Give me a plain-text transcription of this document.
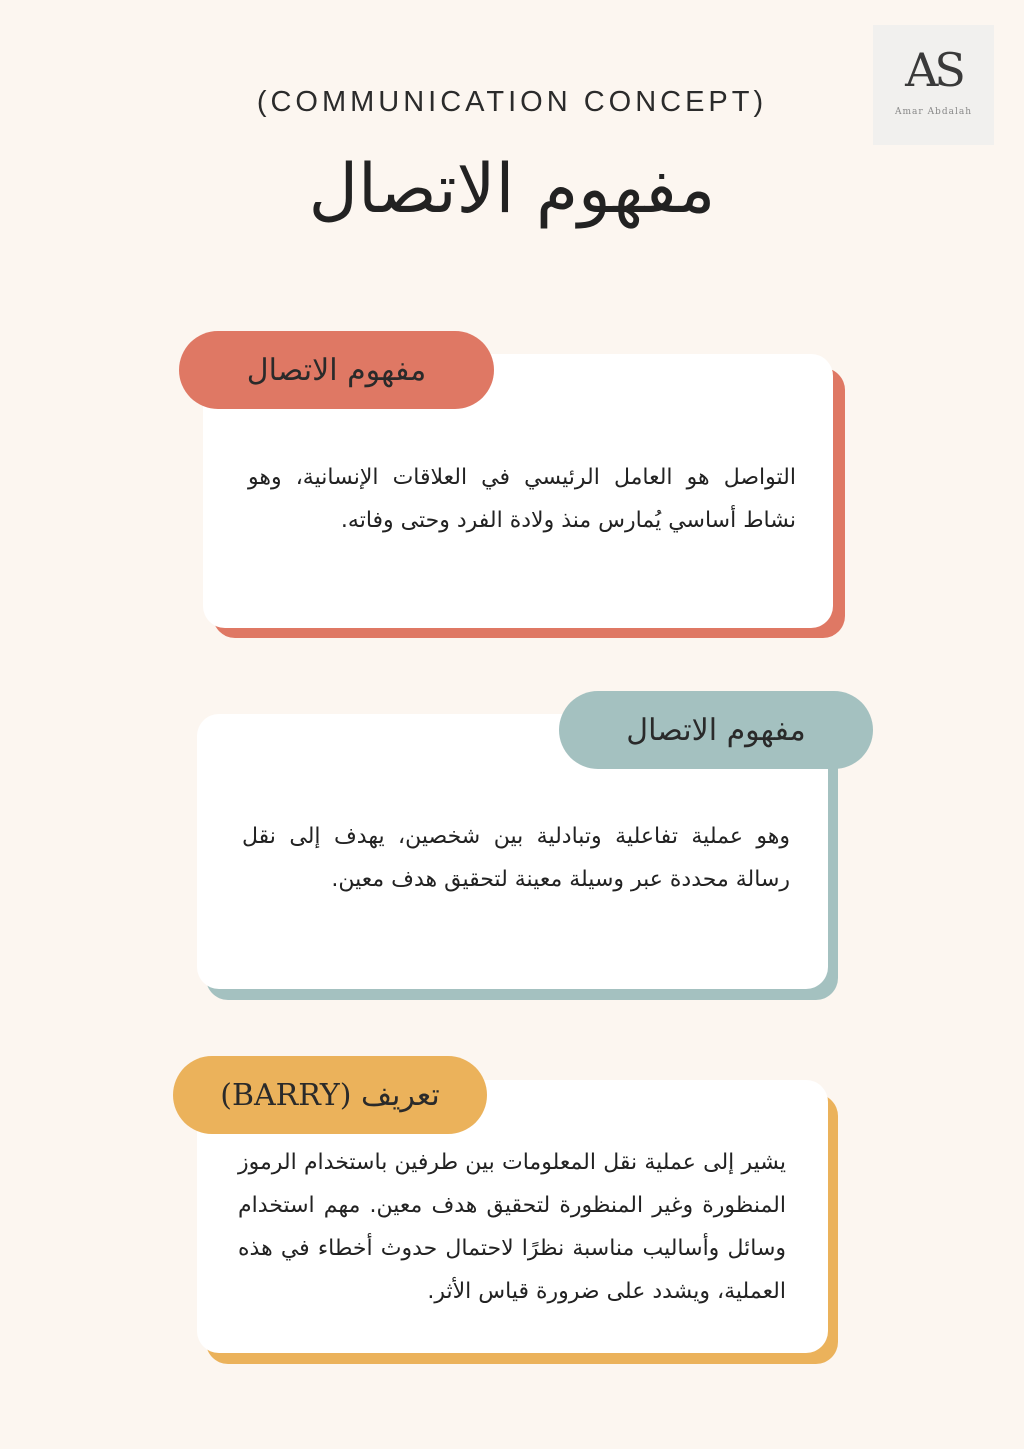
AS
Amar Abdalah
(COMMUNICATION CONCEPT)
مفهوم الاتصال
مفهوم الاتصال
التواصل هو العامل الرئيسي في العلاقات الإنسانية، وهو نشاط أساسي يُمارس منذ ولادة الفرد وحتى وفاته.
مفهوم الاتصال
وهو عملية تفاعلية وتبادلية بين شخصين، يهدف إلى نقل رسالة محددة عبر وسيلة معينة لتحقيق هدف معين.
تعريف (BARRY)
يشير إلى عملية نقل المعلومات بين طرفين باستخدام الرموز المنظورة وغير المنظورة لتحقيق هدف معين. مهم استخدام وسائل وأساليب مناسبة نظرًا لاحتمال حدوث أخطاء في هذه العملية، ويشدد على ضرورة قياس الأثر.
